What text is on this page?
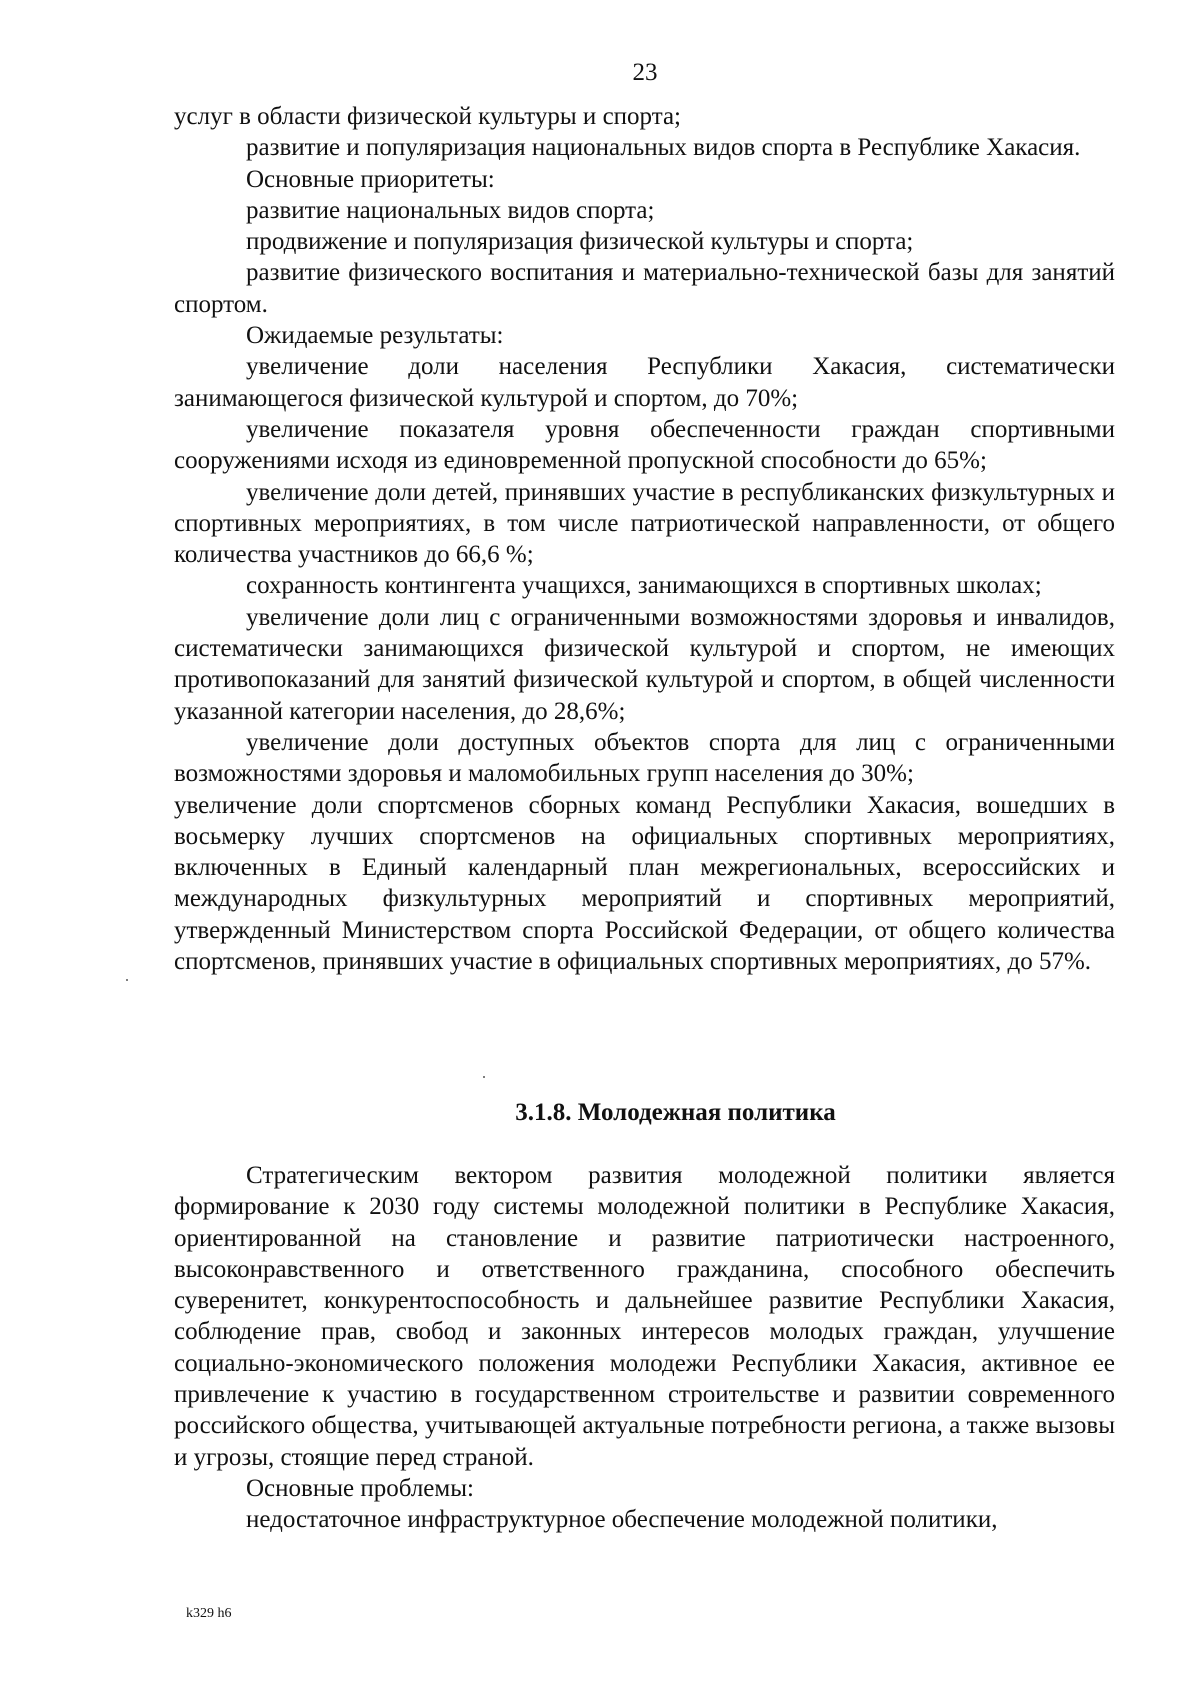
23

услуг в области физической культуры и спорта;

развитие и популяризация национальных видов спорта в Республике Хакасия.

Основные приоритеты:

развитие национальных видов спорта;

продвижение и популяризация физической культуры и спорта;

развитие физического воспитания и материально-технической базы для занятий спортом.

Ожидаемые результаты:

увеличение доли населения Республики Хакасия, систематически занимающегося физической культурой и спортом, до 70%;

увеличение показателя уровня обеспеченности граждан спортивными сооружениями исходя из единовременной пропускной способности до 65%;

увеличение доли детей, принявших участие в республиканских физкультурных и спортивных мероприятиях, в том числе патриотической направленности, от общего количества участников до 66,6 %;

сохранность контингента учащихся, занимающихся в спортивных школах;

увеличение доли лиц с ограниченными возможностями здоровья и инвалидов, систематически занимающихся физической культурой и спортом, не имеющих противопоказаний для занятий физической культурой и спортом, в общей численности указанной категории населения, до 28,6%;

увеличение доли доступных объектов спорта для лиц с ограниченными возможностями здоровья и маломобильных групп населения до 30%;

увеличение доли спортсменов сборных команд Республики Хакасия, вошедших в восьмерку лучших спортсменов на официальных спортивных мероприятиях, включенных в Единый календарный план межрегиональных, всероссийских и международных физкультурных мероприятий и спортивных мероприятий, утвержденный Министерством спорта Российской Федерации, от общего количества спортсменов, принявших участие в официальных спортивных мероприятиях, до 57%.

3.1.8. Молодежная политика

Стратегическим вектором развития молодежной политики является формирование к 2030 году системы молодежной политики в Республике Хакасия, ориентированной на становление и развитие патриотически настроенного, высоконравственного и ответственного гражданина, способного обеспечить суверенитет, конкурентоспособность и дальнейшее развитие Республики Хакасия, соблюдение прав, свобод и законных интересов молодых граждан, улучшение социально-экономического положения молодежи Республики Хакасия, активное ее привлечение к участию в государственном строительстве и развитии современного российского общества, учитывающей актуальные потребности региона, а также вызовы и угрозы, стоящие перед страной.

Основные проблемы:

недостаточное инфраструктурное обеспечение молодежной политики,

k329 h6
